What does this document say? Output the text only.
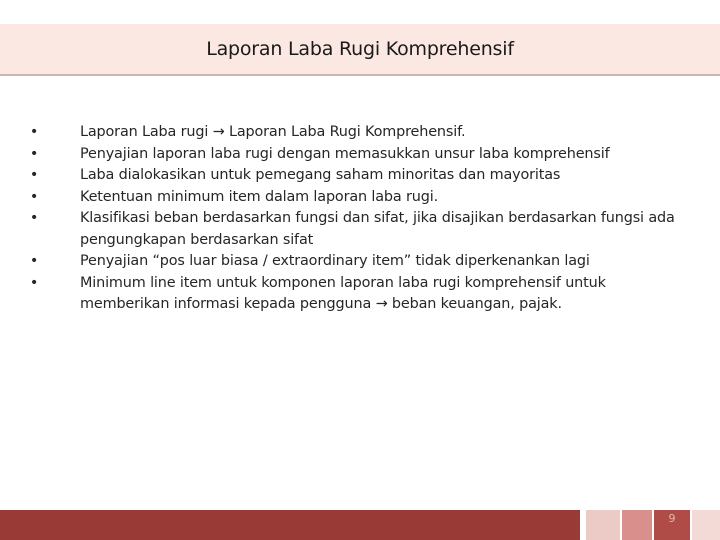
Laporan Laba Rugi Komprehensif
•	Laporan Laba rugi → Laporan Laba Rugi Komprehensif.
•	Penyajian laporan laba rugi dengan memasukkan unsur laba komprehensif
•	Laba dialokasikan untuk pemegang saham minoritas dan mayoritas
•	Ketentuan minimum item dalam laporan laba rugi.
•	Klasifikasi beban berdasarkan fungsi dan sifat, jika disajikan berdasarkan fungsi ada pengungkapan berdasarkan sifat
•	Penyajian “pos luar biasa / extraordinary item” tidak diperkenankan lagi
•	Minimum line item untuk komponen laporan laba rugi komprehensif untuk memberikan informasi kepada pengguna → beban keuangan, pajak.
9
